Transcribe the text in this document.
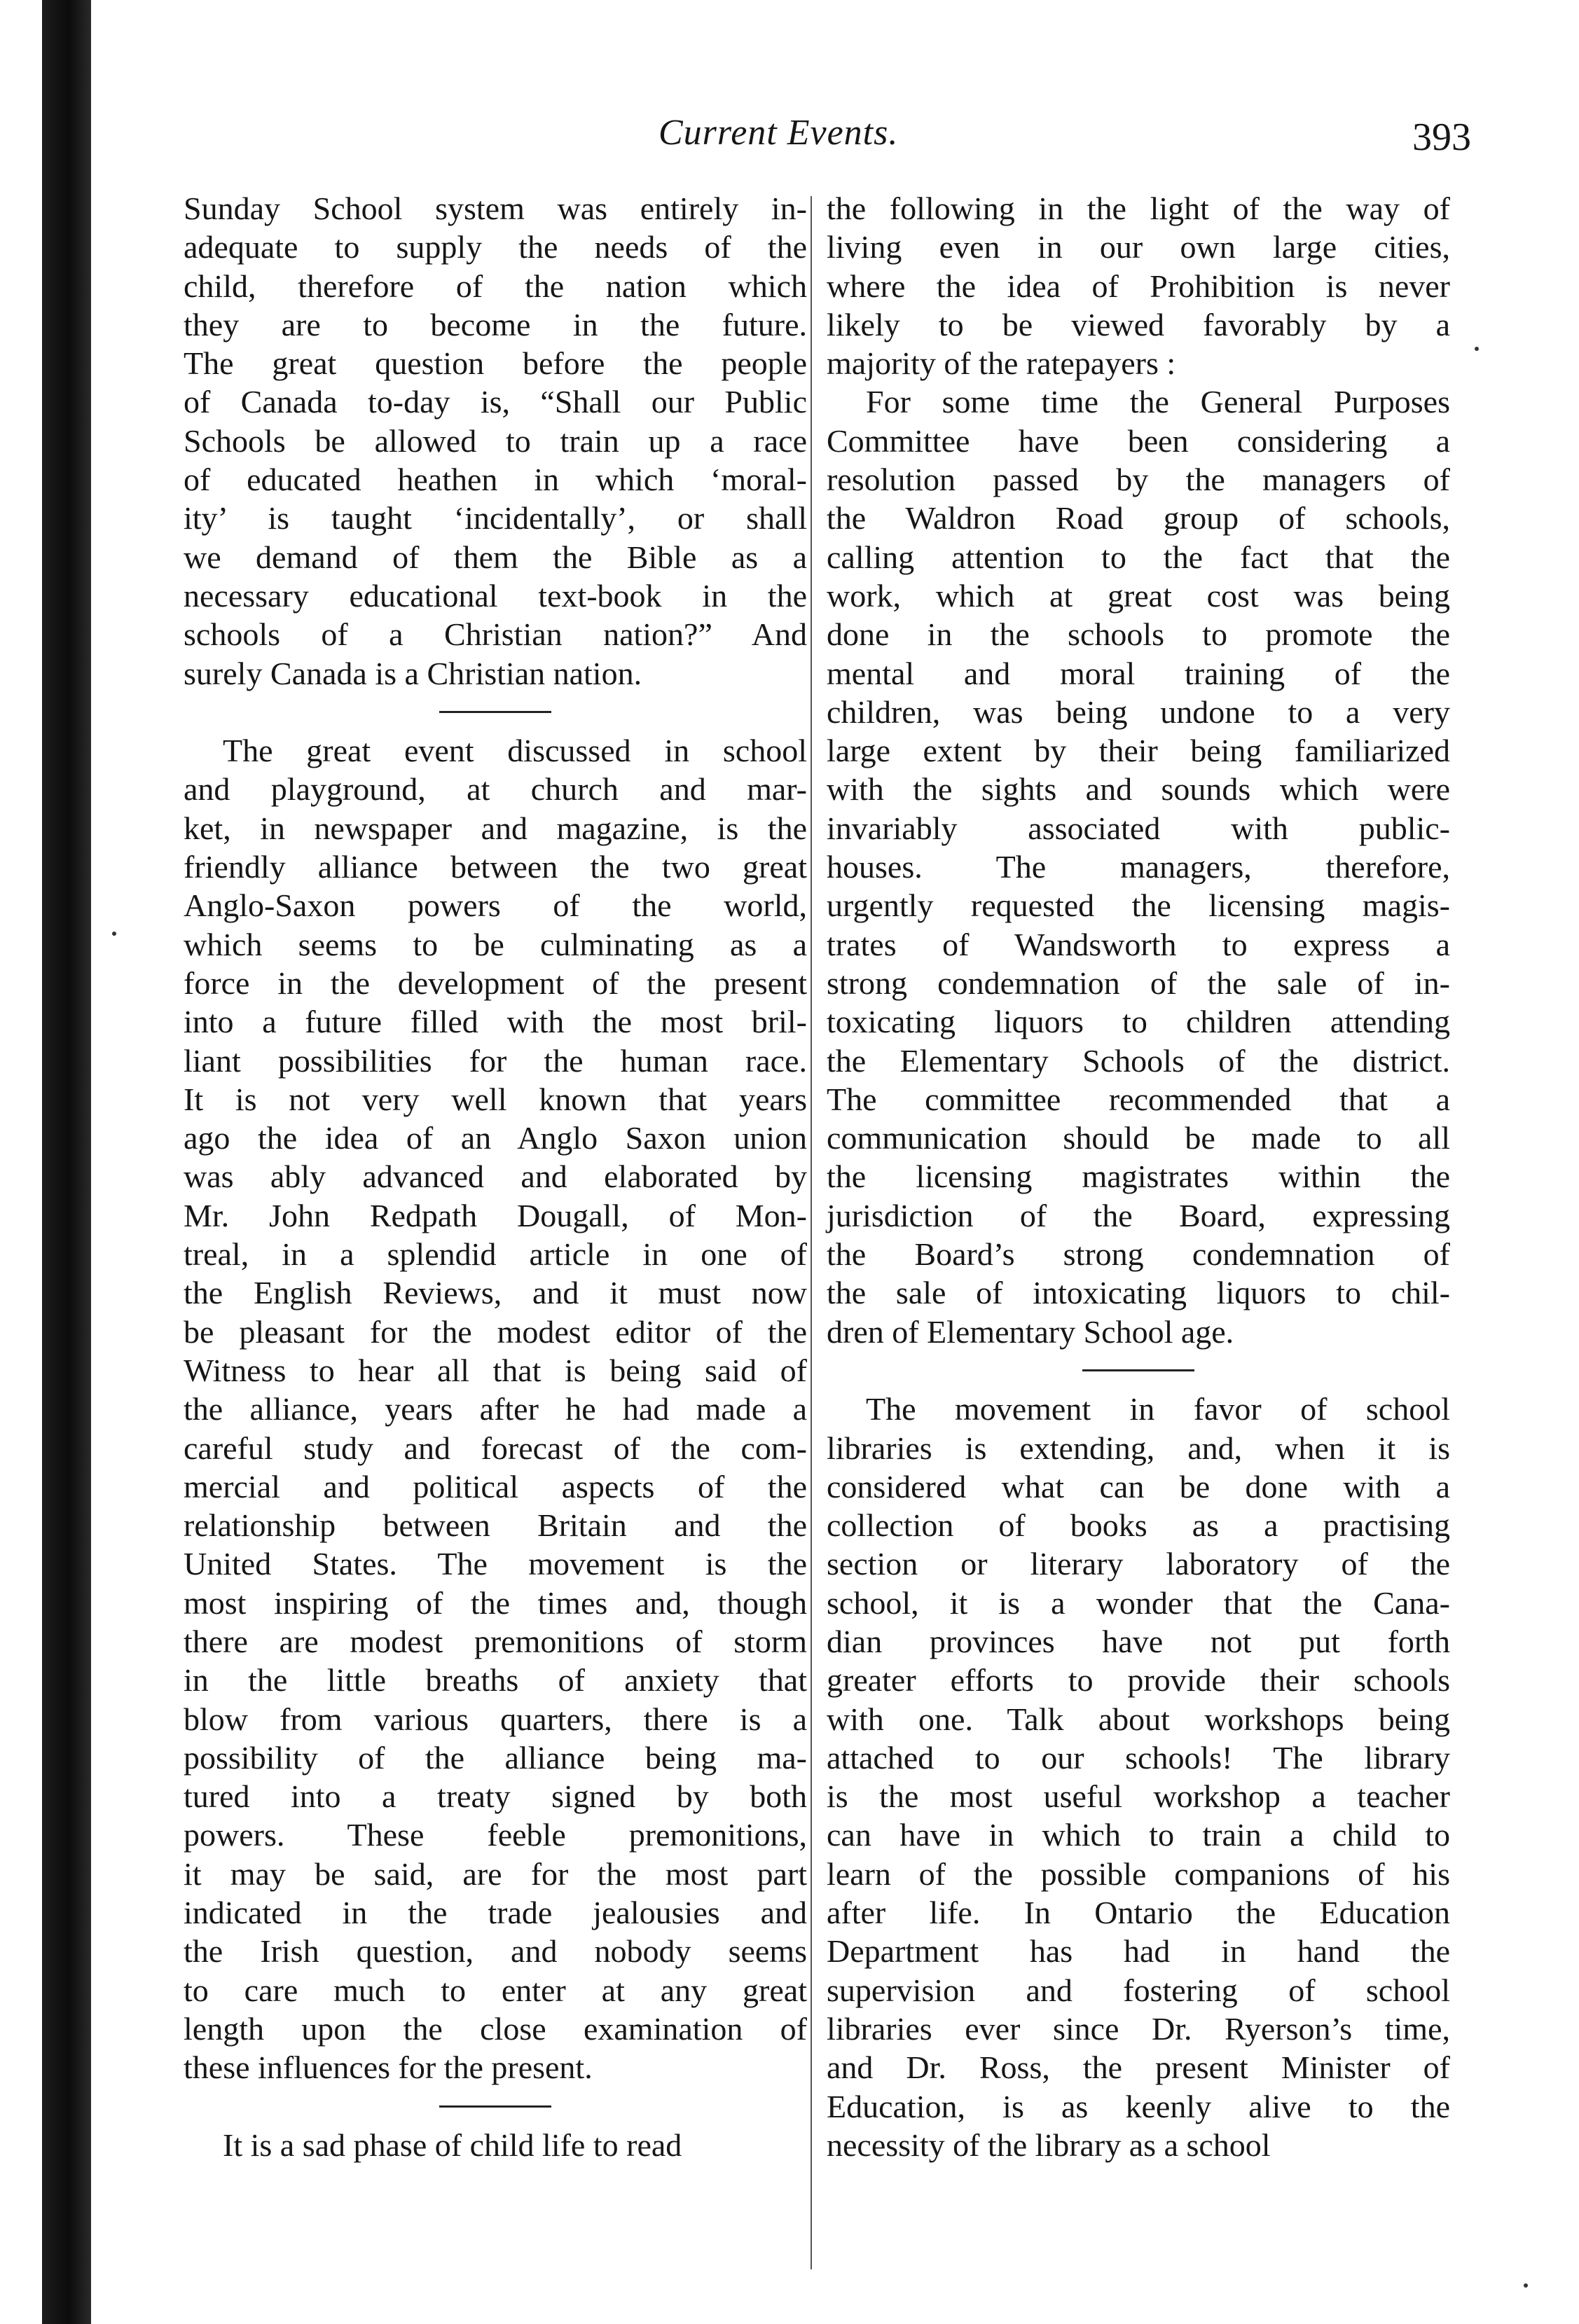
Current Events.	393
Sunday School system was entirely in-
adequate to supply the needs of the
child, therefore of the nation which
they are to become in the future.
The great question before the people
of Canada to-day is, “Shall our Public
Schools be allowed to train up a race
of educated heathen in which ‘moral-
ity’ is taught ‘incidentally’, or shall
we demand of them the Bible as a
necessary educational text-book in the
schools of a Christian nation?” And
surely Canada is a Christian nation.
The great event discussed in school
and playground, at church and mar-
ket, in newspaper and magazine, is the
friendly alliance between the two great
Anglo-Saxon powers of the world,
which seems to be culminating as a
force in the development of the present
into a future filled with the most bril-
liant possibilities for the human race.
It is not very well known that years
ago the idea of an Anglo Saxon union
was ably advanced and elaborated by
Mr. John Redpath Dougall, of Mon-
treal, in a splendid article in one of
the English Reviews, and it must now
be pleasant for the modest editor of the
Witness to hear all that is being said of
the alliance, years after he had made a
careful study and forecast of the com-
mercial and political aspects of the
relationship between Britain and the
United States. The movement is the
most inspiring of the times and, though
there are modest premonitions of storm
in the little breaths of anxiety that
blow from various quarters, there is a
possibility of the alliance being ma-
tured into a treaty signed by both
powers. These feeble premonitions,
it may be said, are for the most part
indicated in the trade jealousies and
the Irish question, and nobody seems
to care much to enter at any great
length upon the close examination of
these influences for the present.
It is a sad phase of child life to read
the following in the light of the way of
living even in our own large cities,
where the idea of Prohibition is never
likely to be viewed favorably by a
majority of the ratepayers :
For some time the General Purposes
Committee have been considering a
resolution passed by the managers of
the Waldron Road group of schools,
calling attention to the fact that the
work, which at great cost was being
done in the schools to promote the
mental and moral training of the
children, was being undone to a very
large extent by their being familiarized
with the sights and sounds which were
invariably associated with public-
houses. The managers, therefore,
urgently requested the licensing magis-
trates of Wandsworth to express a
strong condemnation of the sale of in-
toxicating liquors to children attending
the Elementary Schools of the district.
The committee recommended that a
communication should be made to all
the licensing magistrates within the
jurisdiction of the Board, expressing
the Board’s strong condemnation of
the sale of intoxicating liquors to chil-
dren of Elementary School age.
The movement in favor of school
libraries is extending, and, when it is
considered what can be done with a
collection of books as a practising
section or literary laboratory of the
school, it is a wonder that the Cana-
dian provinces have not put forth
greater efforts to provide their schools
with one. Talk about workshops being
attached to our schools! The library
is the most useful workshop a teacher
can have in which to train a child to
learn of the possible companions of his
after life. In Ontario the Education
Department has had in hand the
supervision and fostering of school
libraries ever since Dr. Ryerson’s time,
and Dr. Ross, the present Minister of
Education, is as keenly alive to the
necessity of the library as a school
